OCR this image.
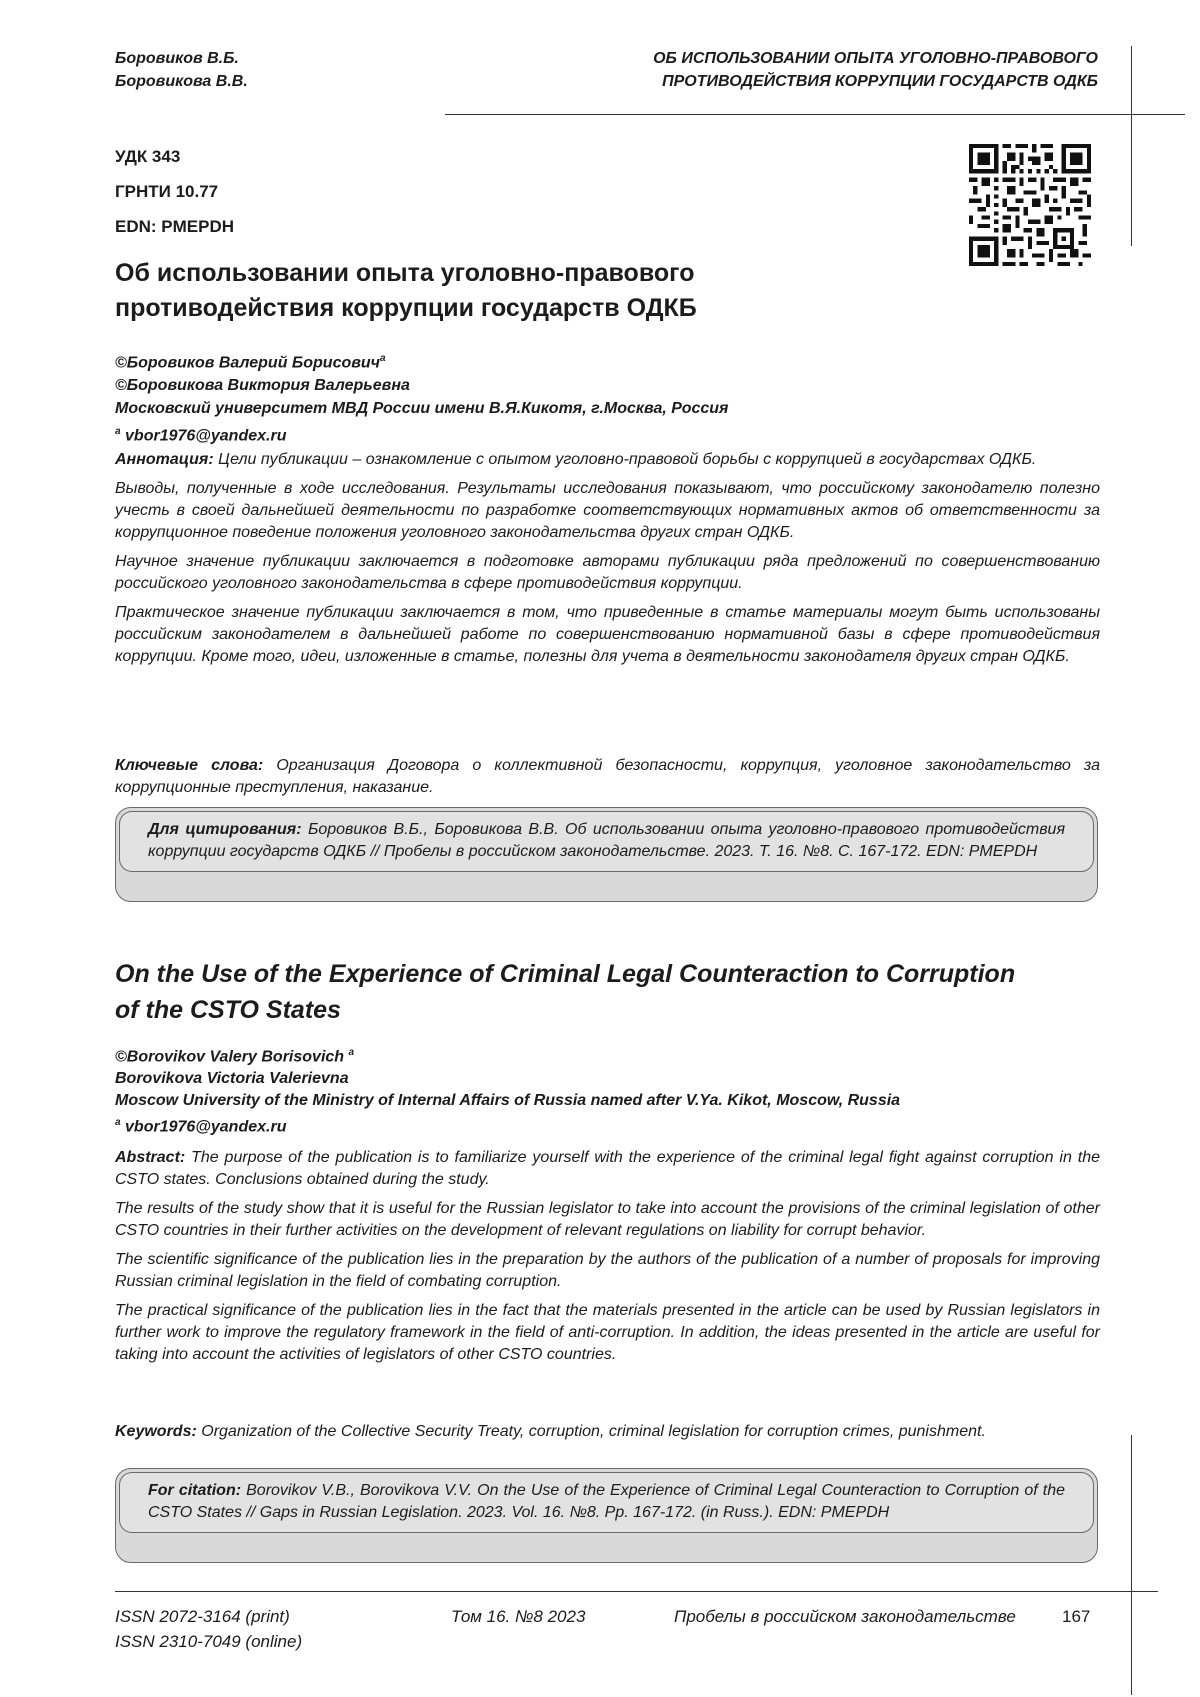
Боровиков В.Б.
Боровикова В.В.
ОБ ИСПОЛЬЗОВАНИИ ОПЫТА УГОЛОВНО-ПРАВОВОГО
ПРОТИВОДЕЙСТВИЯ КОРРУПЦИИ ГОСУДАРСТВ ОДКБ
УДК 343
ГРНТИ 10.77
EDN: PMEPDH
Об использовании опыта уголовно-правового
противодействия коррупции государств ОДКБ
©Боровиков Валерий Борисовичa
©Боровикова Виктория Валерьевна
Московский университет МВД России имени В.Я.Кикотя, г.Москва, Россия
a vbor1976@yandex.ru

Аннотация: Цели публикации – ознакомление с опытом уголовно-правовой борьбы с коррупцией в государствах ОДКБ.

Выводы, полученные в ходе исследования. Результаты исследования показывают, что российскому законодателю полезно учесть в своей дальнейшей деятельности по разработке соответствующих нормативных актов об ответственности за коррупционное поведение положения уголовного законодательства других стран ОДКБ.

Научное значение публикации заключается в подготовке авторами публикации ряда предложений по совершенствованию российского уголовного законодательства в сфере противодействия коррупции.

Практическое значение публикации заключается в том, что приведенные в статье материалы могут быть использованы российским законодателем в дальнейшей работе по совершенствованию нормативной базы в сфере противодействия коррупции. Кроме того, идеи, изложенные в статье, полезны для учета в деятельности законодателя других стран ОДКБ.

Ключевые слова: Организация Договора о коллективной безопасности, коррупция, уголовное законодательство за коррупционные преступления, наказание.

Для цитирования: Боровиков В.Б., Боровикова В.В. Об использовании опыта уголовно-правового противодействия коррупции государств ОДКБ // Пробелы в российском законодательстве. 2023. Т. 16. №8. С. 167-172. EDN: PMEPDH
On the Use of the Experience of Criminal Legal Counteraction to Corruption
of the CSTO States
©Borovikov Valery Borisovich a
Borovikova Victoria Valerievna
Moscow University of the Ministry of Internal Affairs of Russia named after V.Ya. Kikot, Moscow, Russia
a vbor1976@yandex.ru

Abstract: The purpose of the publication is to familiarize yourself with the experience of the criminal legal fight against corruption in the CSTO states. Conclusions obtained during the study.

The results of the study show that it is useful for the Russian legislator to take into account the provisions of the criminal legislation of other CSTO countries in their further activities on the development of relevant regulations on liability for corrupt behavior.

The scientific significance of the publication lies in the preparation by the authors of the publication of a number of proposals for improving Russian criminal legislation in the field of combating corruption.

The practical significance of the publication lies in the fact that the materials presented in the article can be used by Russian legislators in further work to improve the regulatory framework in the field of anti-corruption. In addition, the ideas presented in the article are useful for taking into account the activities of legislators of other CSTO countries.

Keywords: Organization of the Collective Security Treaty, corruption, criminal legislation for corruption crimes, punishment.

For citation: Borovikov V.B., Borovikova V.V. On the Use of the Experience of Criminal Legal Counteraction to Corruption of the CSTO States // Gaps in Russian Legislation. 2023. Vol. 16. №8. Pp. 167-172. (in Russ.). EDN: PMEPDH
ISSN 2072-3164 (print)
ISSN 2310-7049 (online)
Том 16. №8 2023	Пробелы в российском законодательстве	167
